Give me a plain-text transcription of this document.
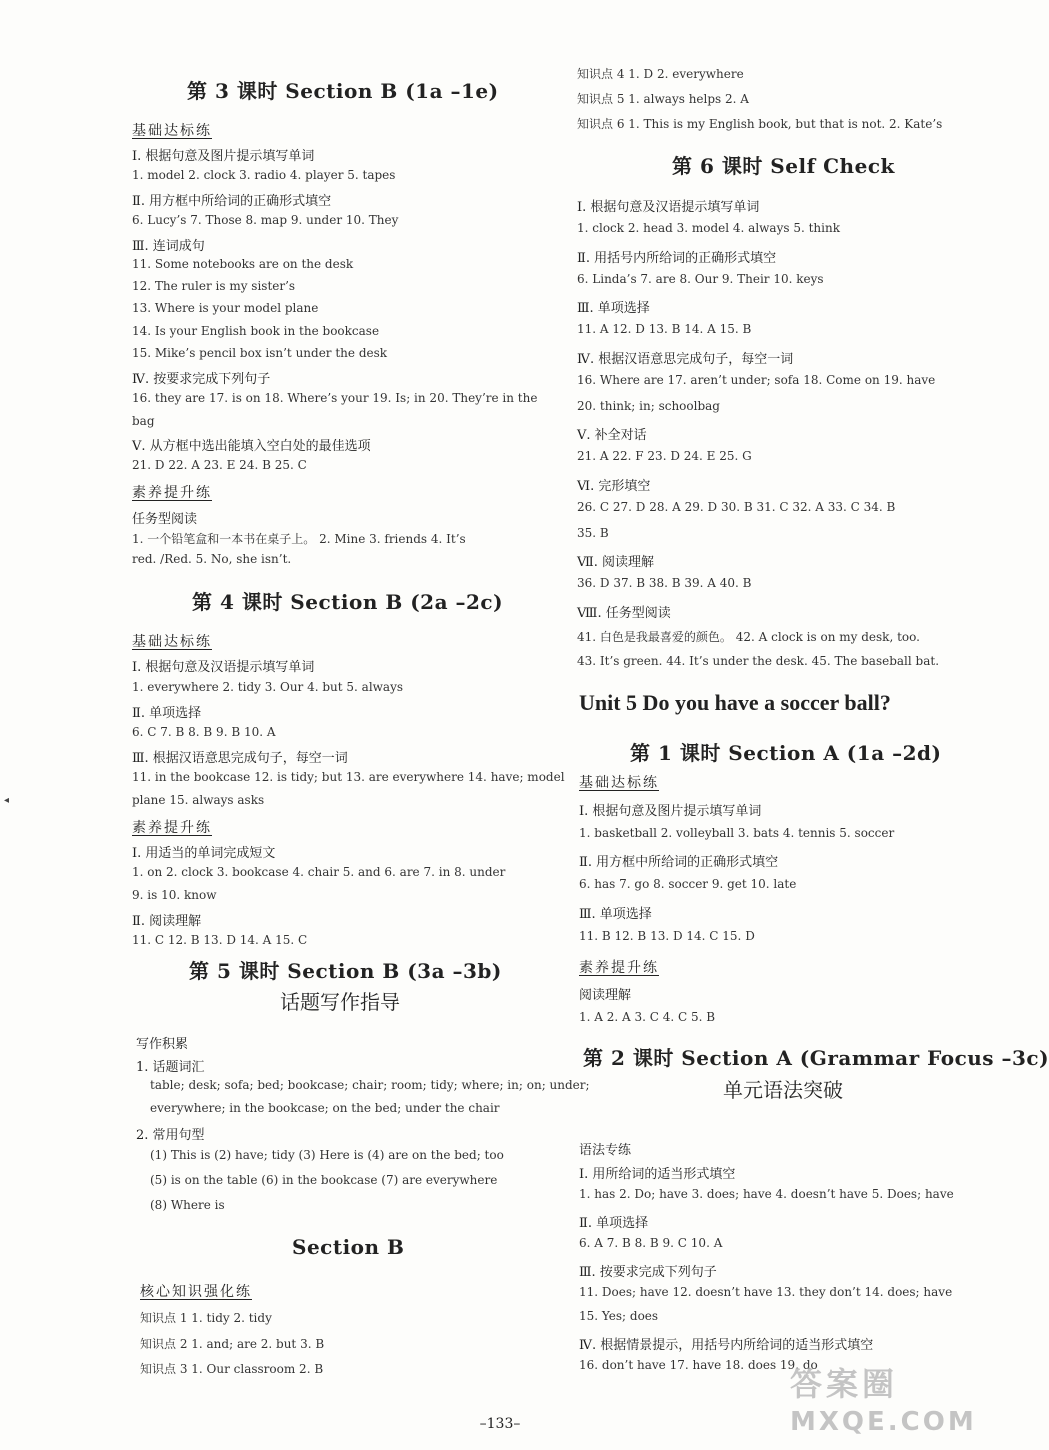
第 3 课时 Section B (1a –1e)
基础达标练
Ⅰ. 根据句意及图片提示填写单词
1. model 2. clock 3. radio 4. player 5. tapes
Ⅱ. 用方框中所给词的正确形式填空
6. Lucy’s 7. Those 8. map 9. under 10. They
Ⅲ. 连词成句
11. Some notebooks are on the desk
12. The ruler is my sister’s
13. Where is your model plane
14. Is your English book in the bookcase
15. Mike’s pencil box isn’t under the desk
Ⅳ. 按要求完成下列句子
16. they are 17. is on 18. Where’s your 19. Is; in 20. They’re in the
bag
Ⅴ. 从方框中选出能填入空白处的最佳选项
21. D 22. A 23. E 24. B 25. C
素养提升练
任务型阅读
1. 一个铅笔盒和一本书在桌子上。 2. Mine 3. friends 4. It’s
red. /Red. 5. No, she isn’t.
第 4 课时 Section B (2a –2c)
基础达标练
Ⅰ. 根据句意及汉语提示填写单词
1. everywhere 2. tidy 3. Our 4. but 5. always
Ⅱ. 单项选择
6. C 7. B 8. B 9. B 10. A
Ⅲ. 根据汉语意思完成句子，每空一词
11. in the bookcase 12. is tidy; but 13. are everywhere 14. have; model
plane 15. always asks
素养提升练
Ⅰ. 用适当的单词完成短文
1. on 2. clock 3. bookcase 4. chair 5. and 6. are 7. in 8. under
9. is 10. know
Ⅱ. 阅读理解
11. C 12. B 13. D 14. A 15. C
第 5 课时 Section B (3a –3b)
话题写作指导
写作积累
1. 话题词汇
table; desk; sofa; bed; bookcase; chair; room; tidy; where; in; on; under;
everywhere; in the bookcase; on the bed; under the chair
2. 常用句型
(1) This is (2) have; tidy (3) Here is (4) are on the bed; too
(5) is on the table (6) in the bookcase (7) are everywhere
(8) Where is
Section B
核心知识强化练
知识点 1 1. tidy 2. tidy
知识点 2 1. and; are 2. but 3. B
知识点 3 1. Our classroom 2. B
知识点 4 1. D 2. everywhere
知识点 5 1. always helps 2. A
知识点 6 1. This is my English book, but that is not. 2. Kate’s
第 6 课时 Self Check
Ⅰ. 根据句意及汉语提示填写单词
1. clock 2. head 3. model 4. always 5. think
Ⅱ. 用括号内所给词的正确形式填空
6. Linda’s 7. are 8. Our 9. Their 10. keys
Ⅲ. 单项选择
11. A 12. D 13. B 14. A 15. B
Ⅳ. 根据汉语意思完成句子，每空一词
16. Where are 17. aren’t under; sofa 18. Come on 19. have
20. think; in; schoolbag
Ⅴ. 补全对话
21. A 22. F 23. D 24. E 25. G
Ⅵ. 完形填空
26. C 27. D 28. A 29. D 30. B 31. C 32. A 33. C 34. B
35. B
Ⅶ. 阅读理解
36. D 37. B 38. B 39. A 40. B
Ⅷ. 任务型阅读
41. 白色是我最喜爱的颜色。 42. A clock is on my desk, too.
43. It’s green. 44. It’s under the desk. 45. The baseball bat.
Unit 5 Do you have a soccer ball?
第 1 课时 Section A (1a –2d)
基础达标练
Ⅰ. 根据句意及图片提示填写单词
1. basketball 2. volleyball 3. bats 4. tennis 5. soccer
Ⅱ. 用方框中所给词的正确形式填空
6. has 7. go 8. soccer 9. get 10. late
Ⅲ. 单项选择
11. B 12. B 13. D 14. C 15. D
素养提升练
阅读理解
1. A 2. A 3. C 4. C 5. B
第 2 课时 Section A (Grammar Focus –3c)
单元语法突破
语法专练
Ⅰ. 用所给词的适当形式填空
1. has 2. Do; have 3. does; have 4. doesn’t have 5. Does; have
Ⅱ. 单项选择
6. A 7. B 8. B 9. C 10. A
Ⅲ. 按要求完成下列句子
11. Does; have 12. doesn’t have 13. they don’t 14. does; have
15. Yes; does
Ⅳ. 根据情景提示，用括号内所给词的适当形式填空
16. don’t have 17. have 18. does 19. do
◂
–133–
答案圈
MXQE.COM
